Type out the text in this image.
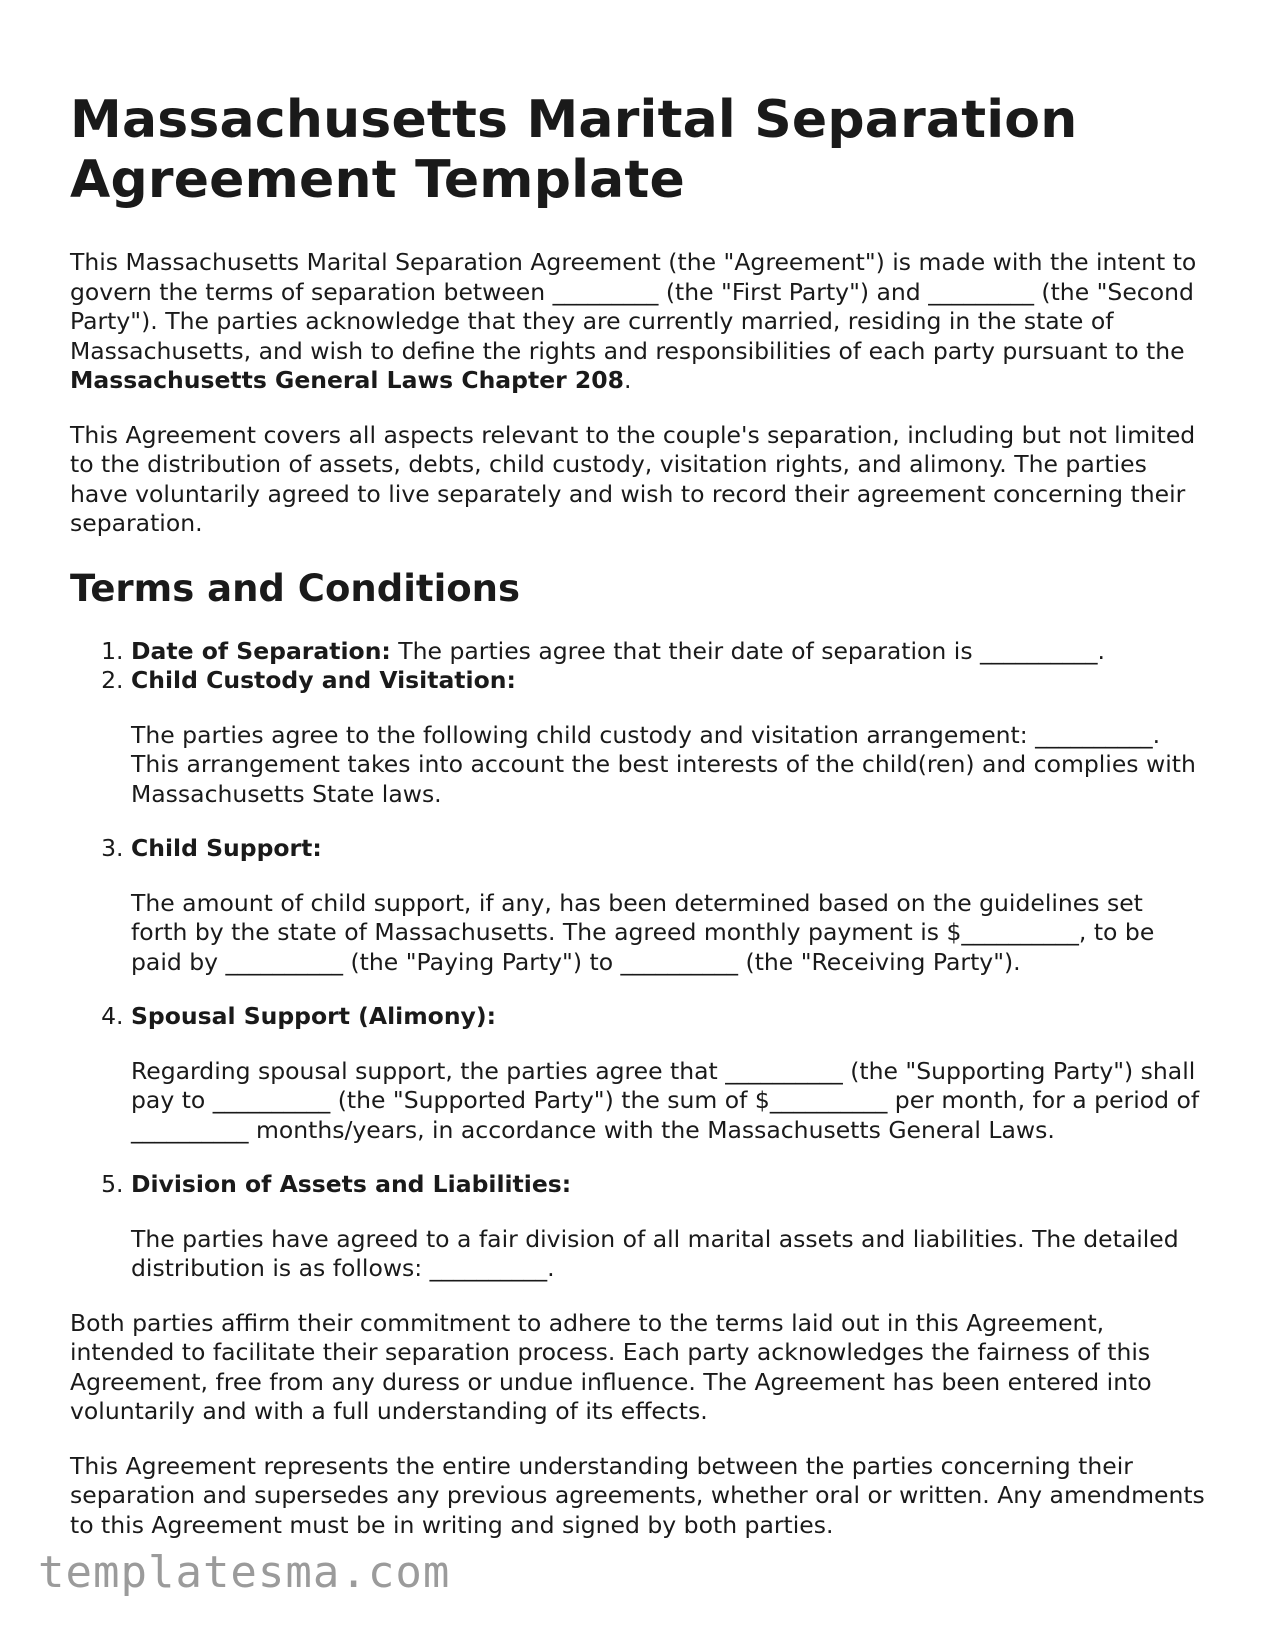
Massachusetts Marital Separation Agreement Template

This Massachusetts Marital Separation Agreement (the "Agreement") is made with the intent to govern the terms of separation between _________ (the "First Party") and _________ (the "Second Party"). The parties acknowledge that they are currently married, residing in the state of Massachusetts, and wish to define the rights and responsibilities of each party pursuant to the Massachusetts General Laws Chapter 208.

This Agreement covers all aspects relevant to the couple's separation, including but not limited to the distribution of assets, debts, child custody, visitation rights, and alimony. The parties have voluntarily agreed to live separately and wish to record their agreement concerning their separation.

Terms and Conditions
1. Date of Separation: The parties agree that their date of separation is __________.
2. Child Custody and Visitation:

The parties agree to the following child custody and visitation arrangement: __________. This arrangement takes into account the best interests of the child(ren) and complies with Massachusetts State laws.

3. Child Support:

The amount of child support, if any, has been determined based on the guidelines set forth by the state of Massachusetts. The agreed monthly payment is $__________, to be paid by __________ (the "Paying Party") to __________ (the "Receiving Party").

4. Spousal Support (Alimony):

Regarding spousal support, the parties agree that __________ (the "Supporting Party") shall pay to __________ (the "Supported Party") the sum of $__________ per month, for a period of __________ months/years, in accordance with the Massachusetts General Laws.

5. Division of Assets and Liabilities:

The parties have agreed to a fair division of all marital assets and liabilities. The detailed distribution is as follows: __________.

Both parties affirm their commitment to adhere to the terms laid out in this Agreement, intended to facilitate their separation process. Each party acknowledges the fairness of this Agreement, free from any duress or undue influence. The Agreement has been entered into voluntarily and with a full understanding of its effects.

This Agreement represents the entire understanding between the parties concerning their separation and supersedes any previous agreements, whether oral or written. Any amendments to this Agreement must be in writing and signed by both parties.

templatesma.com
